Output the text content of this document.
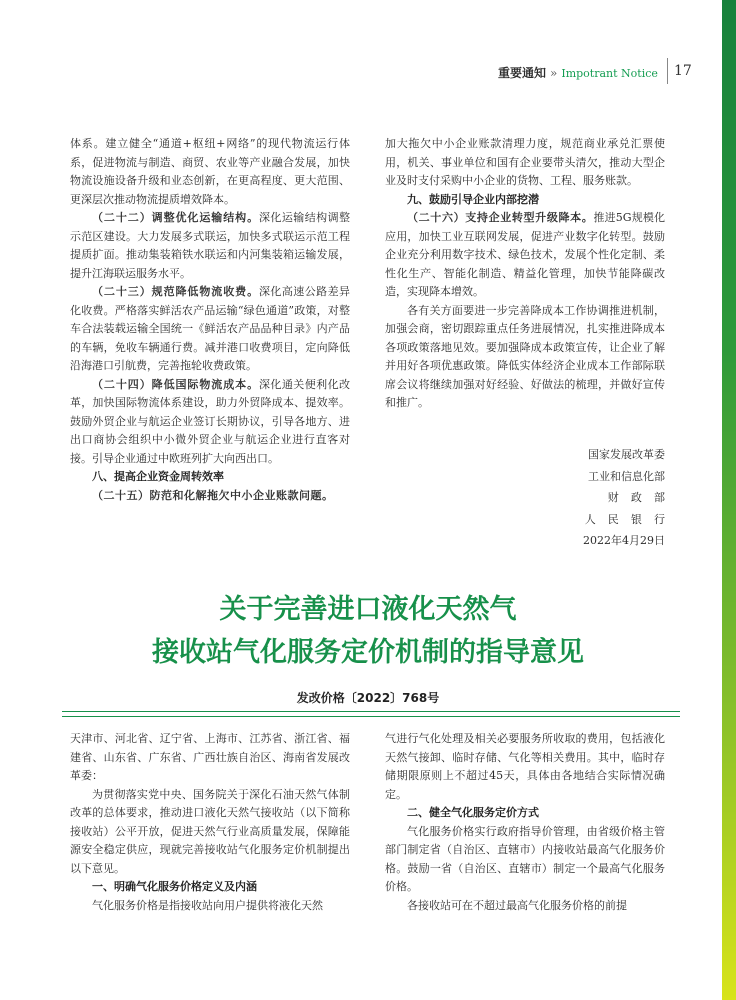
重要通知 » Impotrant Notice 17

体系。建立健全“通道+枢纽+网络”的现代物流运行体系，促进物流与制造、商贸、农业等产业融合发展，加快物流设施设备升级和业态创新，在更高程度、更大范围、更深层次推动物流提质增效降本。

（二十二）调整优化运输结构。深化运输结构调整示范区建设。大力发展多式联运，加快多式联运示范工程提质扩面。推动集装箱铁水联运和内河集装箱运输发展，提升江海联运服务水平。

（二十三）规范降低物流收费。深化高速公路差异化收费。严格落实鲜活农产品运输“绿色通道”政策，对整车合法装载运输全国统一《鲜活农产品品种目录》内产品的车辆，免收车辆通行费。减并港口收费项目，定向降低沿海港口引航费，完善拖轮收费政策。

（二十四）降低国际物流成本。深化通关便利化改革，加快国际物流体系建设，助力外贸降成本、提效率。鼓励外贸企业与航运企业签订长期协议，引导各地方、进出口商协会组织中小微外贸企业与航运企业进行直客对接。引导企业通过中欧班列扩大向西出口。

八、提高企业资金周转效率

（二十五）防范和化解拖欠中小企业账款问题。

加大拖欠中小企业账款清理力度，规范商业承兑汇票使用，机关、事业单位和国有企业要带头清欠，推动大型企业及时支付采购中小企业的货物、工程、服务账款。

九、鼓励引导企业内部挖潜

（二十六）支持企业转型升级降本。推进5G规模化应用，加快工业互联网发展，促进产业数字化转型。鼓励企业充分利用数字技术、绿色技术，发展个性化定制、柔性化生产、智能化制造、精益化管理，加快节能降碳改造，实现降本增效。

各有关方面要进一步完善降成本工作协调推进机制，加强会商，密切跟踪重点任务进展情况，扎实推进降成本各项政策落地见效。要加强降成本政策宣传，让企业了解并用好各项优惠政策。降低实体经济企业成本工作部际联席会议将继续加强对好经验、好做法的梳理，并做好宣传和推广。

国家发展改革委
工业和信息化部
财政部
人民银行
2022年4月29日
关于完善进口液化天然气
接收站气化服务定价机制的指导意见
发改价格〔2022〕768号

天津市、河北省、辽宁省、上海市、江苏省、浙江省、福建省、山东省、广东省、广西壮族自治区、海南省发展改革委：

为贯彻落实党中央、国务院关于深化石油天然气体制改革的总体要求，推动进口液化天然气接收站（以下简称接收站）公平开放，促进天然气行业高质量发展，保障能源安全稳定供应，现就完善接收站气化服务定价机制提出以下意见。

一、明确气化服务价格定义及内涵

气化服务价格是指接收站向用户提供将液化天然

气进行气化处理及相关必要服务所收取的费用，包括液化天然气接卸、临时存储、气化等相关费用。其中，临时存储期限原则上不超过45天，具体由各地结合实际情况确定。

二、健全气化服务定价方式

气化服务价格实行政府指导价管理，由省级价格主管部门制定省（自治区、直辖市）内接收站最高气化服务价格。鼓励一省（自治区、直辖市）制定一个最高气化服务价格。

各接收站可在不超过最高气化服务价格的前提
